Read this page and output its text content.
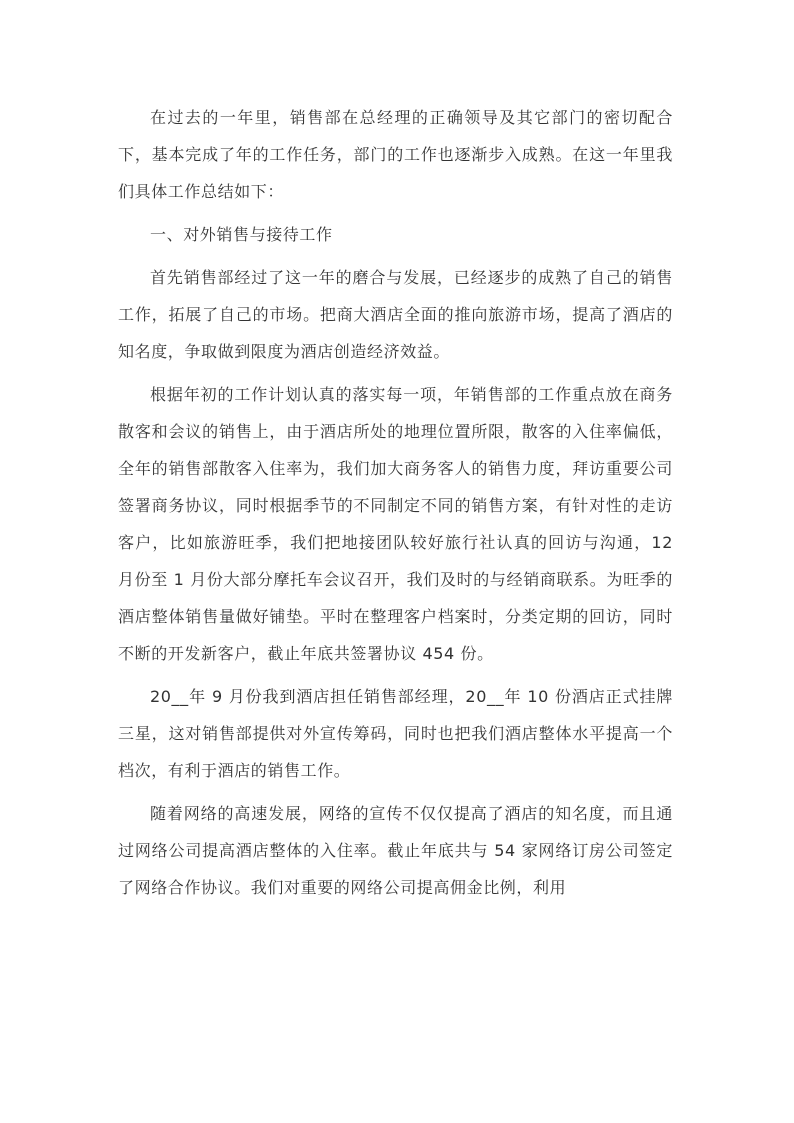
在过去的一年里，销售部在总经理的正确领导及其它部门的密切配合下，基本完成了年的工作任务，部门的工作也逐渐步入成熟。在这一年里我们具体工作总结如下：

一、对外销售与接待工作

首先销售部经过了这一年的磨合与发展，已经逐步的成熟了自己的销售工作，拓展了自己的市场。把商大酒店全面的推向旅游市场，提高了酒店的知名度，争取做到限度为酒店创造经济效益。

根据年初的工作计划认真的落实每一项，年销售部的工作重点放在商务散客和会议的销售上，由于酒店所处的地理位置所限，散客的入住率偏低，全年的销售部散客入住率为，我们加大商务客人的销售力度，拜访重要公司签署商务协议，同时根据季节的不同制定不同的销售方案，有针对性的走访客户，比如旅游旺季，我们把地接团队较好旅行社认真的回访与沟通，12 月份至 1 月份大部分摩托车会议召开，我们及时的与经销商联系。为旺季的酒店整体销售量做好铺垫。平时在整理客户档案时，分类定期的回访，同时不断的开发新客户，截止年底共签署协议 454 份。

20__年 9 月份我到酒店担任销售部经理，20__年 10 份酒店正式挂牌三星，这对销售部提供对外宣传筹码，同时也把我们酒店整体水平提高一个档次，有利于酒店的销售工作。

随着网络的高速发展，网络的宣传不仅仅提高了酒店的知名度，而且通过网络公司提高酒店整体的入住率。截止年底共与 54 家网络订房公司签定了网络合作协议。我们对重要的网络公司提高佣金比例，利用
